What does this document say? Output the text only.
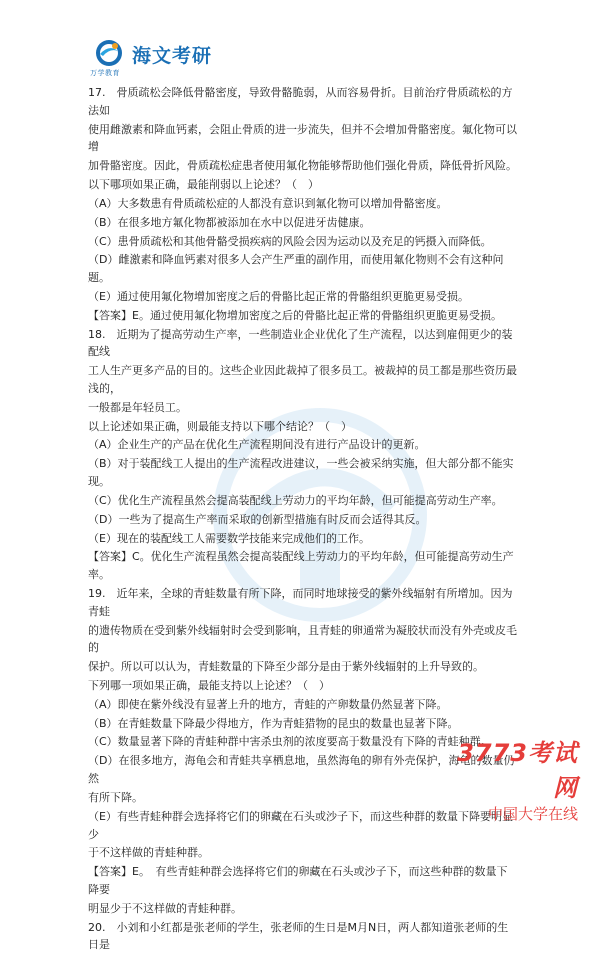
万学教育
海文考研

17.　骨质疏松会降低骨骼密度，导致骨骼脆弱，从而容易骨折。目前治疗骨质疏松的方法如

使用雌激素和降血钙素，会阻止骨质的进一步流失，但并不会增加骨骼密度。氟化物可以增

加骨骼密度。因此，骨质疏松症患者使用氟化物能够帮助他们强化骨质，降低骨折风险。

以下哪项如果正确，最能削弱以上论述？（　）

（A）大多数患有骨质疏松症的人都没有意识到氟化物可以增加骨骼密度。

（B）在很多地方氟化物都被添加在水中以促进牙齿健康。

（C）患骨质疏松和其他骨骼受损疾病的风险会因为运动以及充足的钙摄入而降低。

（D）雌激素和降血钙素对很多人会产生严重的副作用，而使用氟化物则不会有这种问题。

（E）通过使用氟化物增加密度之后的骨骼比起正常的骨骼组织更脆更易受损。

【答案】E。通过使用氟化物增加密度之后的骨骼比起正常的骨骼组织更脆更易受损。

18.　近期为了提高劳动生产率，一些制造业企业优化了生产流程，以达到雇佣更少的装配线

工人生产更多产品的目的。这些企业因此裁掉了很多员工。被裁掉的员工都是那些资历最浅的，

一般都是年轻员工。

以上论述如果正确，则最能支持以下哪个结论？（　）

（A）企业生产的产品在优化生产流程期间没有进行产品设计的更新。

（B）对于装配线工人提出的生产流程改进建议，一些会被采纳实施，但大部分都不能实现。

（C）优化生产流程虽然会提高装配线上劳动力的平均年龄，但可能提高劳动生产率。

（D）一些为了提高生产率而采取的创新型措施有时反而会适得其反。

（E）现在的装配线工人需要数学技能来完成他们的工作。

【答案】C。优化生产流程虽然会提高装配线上劳动力的平均年龄，但可能提高劳动生产率。

19.　近年来，全球的青蛙数量有所下降，而同时地球接受的紫外线辐射有所增加。因为青蛙

的遗传物质在受到紫外线辐射时会受到影响，且青蛙的卵通常为凝胶状而没有外壳或皮毛的

保护。所以可以认为，青蛙数量的下降至少部分是由于紫外线辐射的上升导致的。

下列哪一项如果正确，最能支持以上论述？（　）

（A）即使在紫外线没有显著上升的地方，青蛙的产卵数量仍然显著下降。

（B）在青蛙数量下降最少得地方，作为青蛙猎物的昆虫的数量也显著下降。

（C）数量显著下降的青蛙种群中害杀虫剂的浓度要高于数量没有下降的青蛙种群。

（D）在很多地方，海龟会和青蛙共享栖息地，虽然海龟的卵有外壳保护，海龟的数量仍然

有所下降。

（E）有些青蛙种群会选择将它们的卵藏在石头或沙子下，而这些种群的数量下降要明显少

于不这样做的青蛙种群。

【答案】E。　有些青蛙种群会选择将它们的卵藏在石头或沙子下，而这些种群的数量下降要

明显少于不这样做的青蛙种群。

20.　小刘和小红都是张老师的学生，张老师的生日是M月N日，两人都知道张老师的生日是

3773考试网
中国大学在线
